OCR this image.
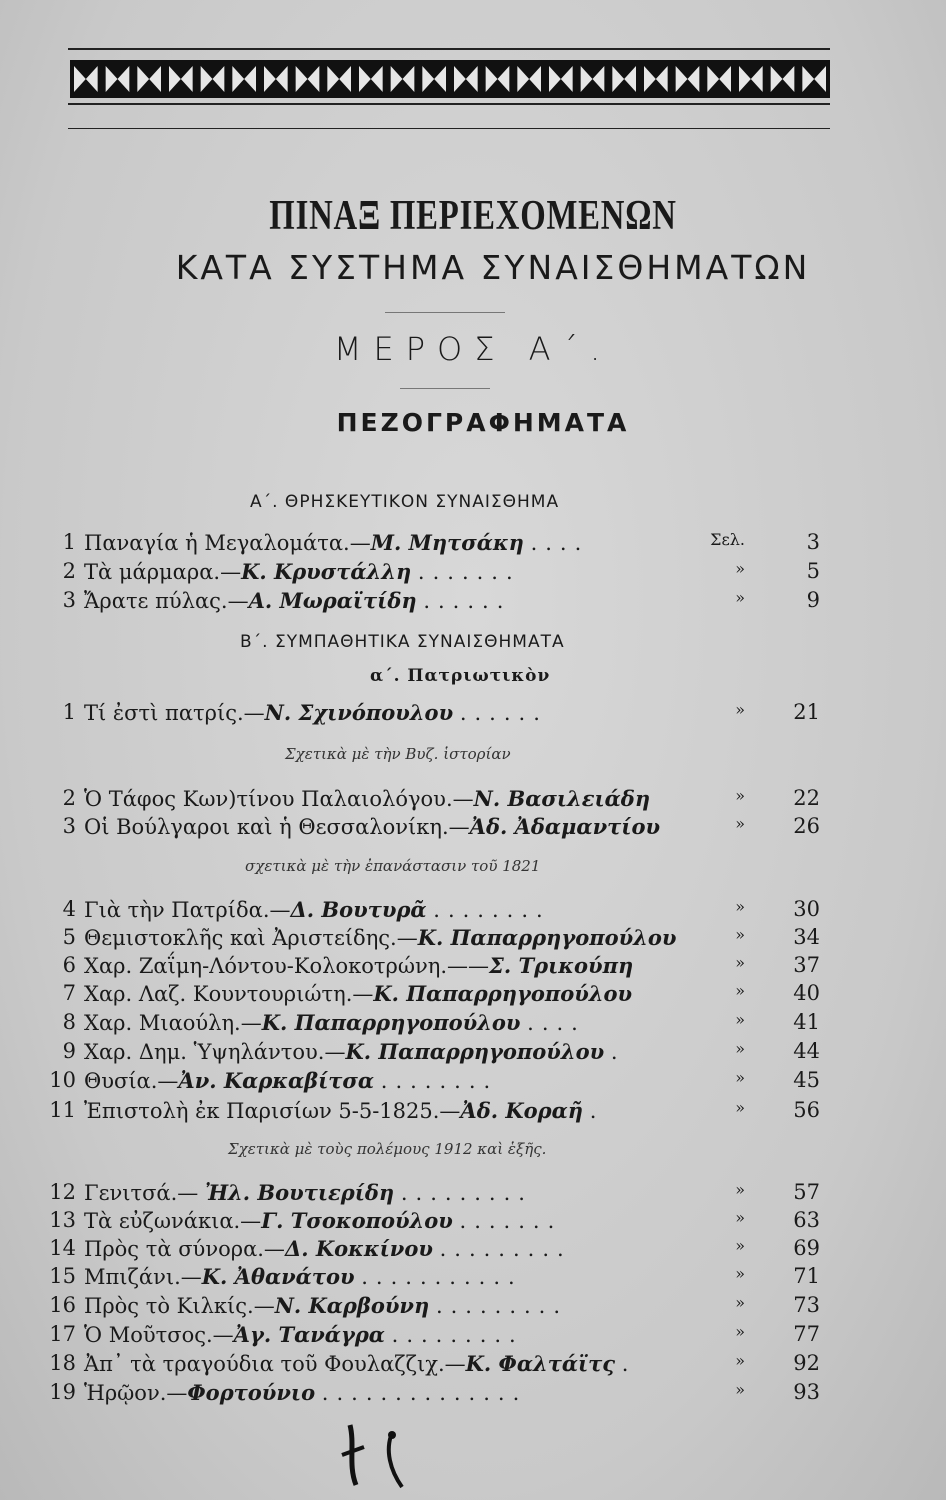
ΠΙΝΑΞ ΠΕΡΙΕΧΟΜΕΝΩΝ
ΚΑΤΑ ΣΥΣΤΗΜΑ ΣΥΝΑΙΣΘΗΜΑΤΩΝ
ΜΕΡΟΣ Α΄.
ΠΕΖΟΓΡΑΦΗΜΑΤΑ
Α΄. ΘΡΗΣΚΕΥΤΙΚΟΝ ΣΥΝΑΙΣΘΗΜΑ
1 Παναγία ἡ Μεγαλομάτα.—Μ. Μητσάκη ....	Σελ.	3
2 Τὰ μάρμαρα.—Κ. Κρυστάλλη .......	»	5
3 Ἄρατε πύλας.—Α. Μωραϊτίδη ......	»	9
Β΄. ΣΥΜΠΑΘΗΤΙΚΑ ΣΥΝΑΙΣΘΗΜΑΤΑ
α΄. Πατριωτικὸν
1 Τί ἐστὶ πατρίς.—Ν. Σχινόπουλου ......	»	21
Σχετικὰ μὲ τὴν Βυζ. ἱστορίαν
2 Ὁ Τάφος Κων)τίνου Παλαιολόγου.—Ν. Βασιλειάδη	»	22
3 Οἱ Βούλγαροι καὶ ἡ Θεσσαλονίκη.—Ἀδ. Ἀδαμαντίου	»	26
σχετικὰ μὲ τὴν ἐπανάστασιν τοῦ 1821
4 Γιὰ τὴν Πατρίδα.—Δ. Βουτυρᾶ ........	»	30
5 Θεμιστοκλῆς καὶ Ἀριστείδης.—Κ. Παπαρρηγοπούλου	»	34
6 Χαρ. Ζαΐμη-Λόντου-Κολοκοτρώνη.——Σ. Τρικούπη	»	37
7 Χαρ. Λαζ. Κουντουριώτη.—Κ. Παπαρρηγοπούλου	»	40
8 Χαρ. Μιαούλη.—Κ. Παπαρρηγοπούλου ....	»	41
9 Χαρ. Δημ. Ὑψηλάντου.—Κ. Παπαρρηγοπούλου .	»	44
10 Θυσία.—Ἀν. Καρκαβίτσα ........	»	45
11 Ἐπιστολὴ ἐκ Παρισίων 5-5-1825.—Ἀδ. Κοραῆ .	»	56
Σχετικὰ μὲ τοὺς πολέμους 1912 καὶ ἑξῆς.
12 Γενιτσά.— Ἠλ. Βουτιερίδη .........	»	57
13 Τὰ εὐζωνάκια.—Γ. Τσοκοπούλου .......	»	63
14 Πρὸς τὰ σύνορα.—Δ. Κοκκίνου .........	»	69
15 Μπιζάνι.—Κ. Ἀθανάτου ...........	»	71
16 Πρὸς τὸ Κιλκίς.—Ν. Καρβούνη .........	»	73
17 Ὁ Μοῦτσος.—Ἀγ. Τανάγρα .........	»	77
18 Ἀπ᾽ τὰ τραγούδια τοῦ Φουλαζζιχ.—Κ. Φαλτάϊτς .	»	92
19 Ἡρῷον.—Φορτούνιο ..............	»	93
